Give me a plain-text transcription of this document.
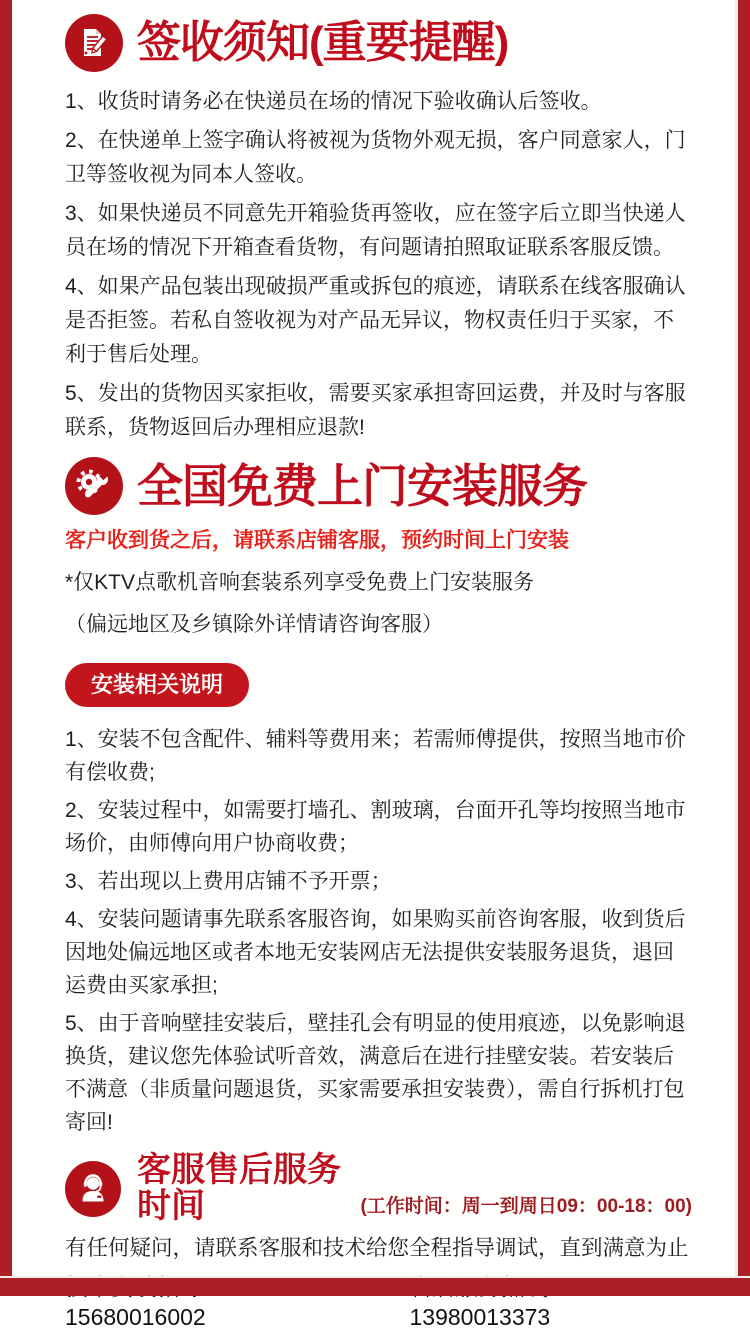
签收须知(重要提醒)
1、收货时请务必在快递员在场的情况下验收确认后签收。
2、在快递单上签字确认将被视为货物外观无损，客户同意家人，门卫等签收视为同本人签收。
3、如果快递员不同意先开箱验货再签收，应在签字后立即当快递人员在场的情况下开箱查看货物，有问题请拍照取证联系客服反馈。
4、如果产品包装出现破损严重或拆包的痕迹，请联系在线客服确认是否拒签。若私自签收视为对产品无异议，物权责任归于买家，不利于售后处理。
5、发出的货物因买家拒收，需要买家承担寄回运费，并及时与客服联系，货物返回后办理相应退款!
全国免费上门安装服务

客户收到货之后，请联系店铺客服，预约时间上门安装

*仅KTV点歌机音响套装系列享受免费上门安装服务

（偏远地区及乡镇除外详情请咨询客服）

安装相关说明
1、安装不包含配件、辅料等费用来；若需师傅提供，按照当地市价有偿收费;
2、安装过程中，如需要打墙孔、割玻璃，台面开孔等均按照当地市场价，由师傅向用户协商收费；
3、若出现以上费用店铺不予开票；
4、安装问题请事先联系客服咨询，如果购买前咨询客服，收到货后因地处偏远地区或者本地无安装网店无法提供安装服务退货，退回运费由买家承担;
5、由于音响壁挂安装后，壁挂孔会有明显的使用痕迹，以免影响退换货，建议您先体验试听音效，满意后在进行挂壁安装。若安装后不满意（非质量问题退货，买家需要承担安装费），需自行拆机打包寄回!
客服售后服务时间	(工作时间：周一到周日09：00-18：00)

有任何疑问，请联系客服和技术给您全程指导调试，直到满意为止

15680016002	13980013373
